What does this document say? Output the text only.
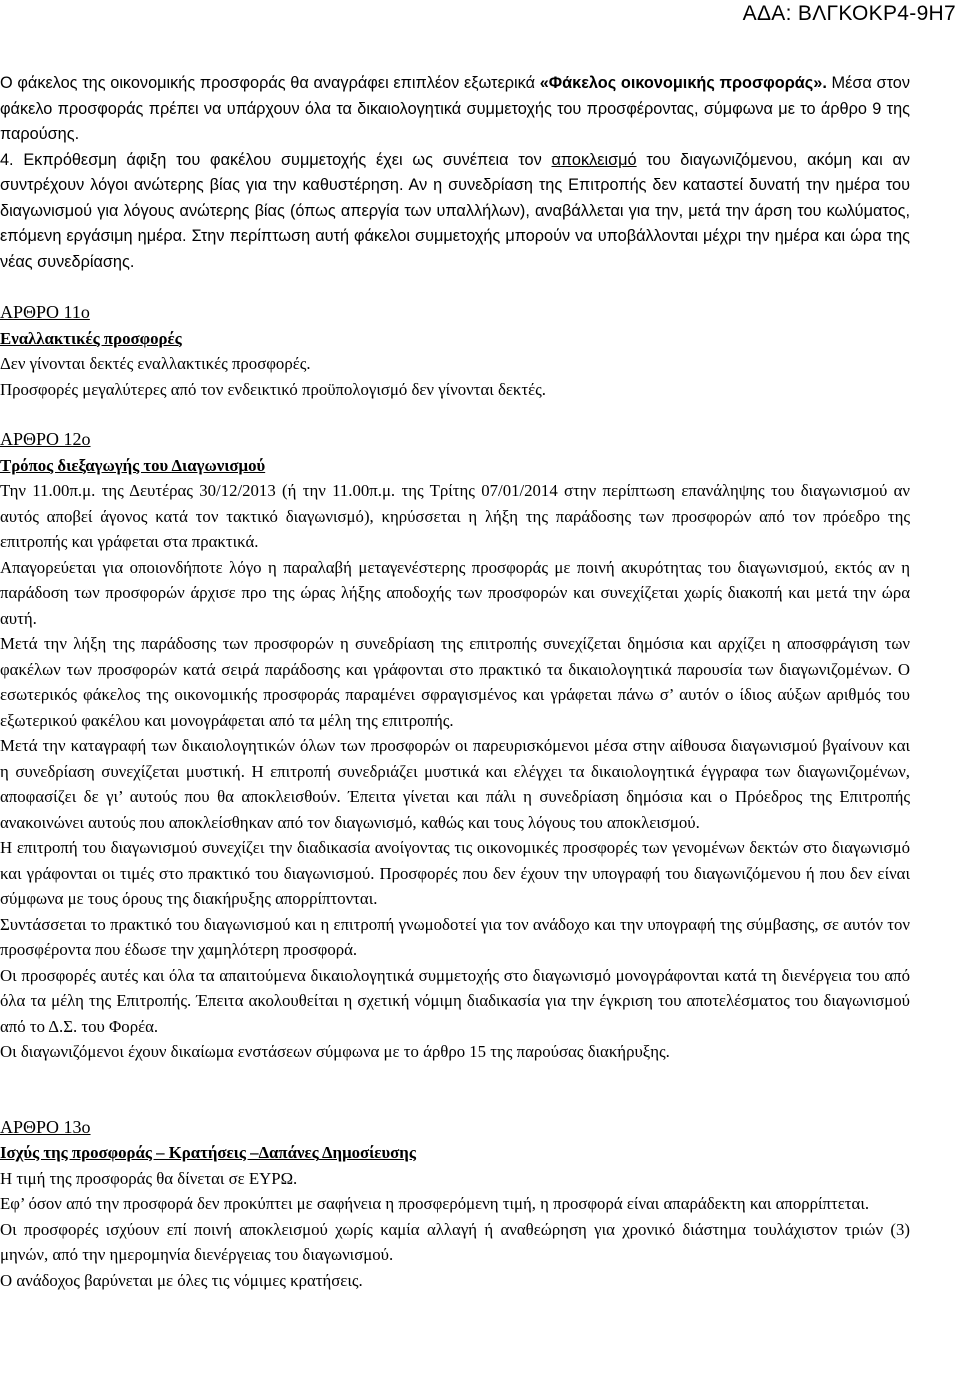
ΑΔΑ: ΒΛΓΚΟΚΡ4-9Η7

Ο φάκελος της οικονομικής προσφοράς θα αναγράφει επιπλέον εξωτερικά «Φάκελος οικονομικής προσφοράς». Μέσα στον φάκελο προσφοράς πρέπει να υπάρχουν όλα τα δικαιολογητικά συμμετοχής του προσφέροντας, σύμφωνα με το άρθρο 9 της παρούσης.

4. Εκπρόθεσμη άφιξη του φακέλου συμμετοχής έχει ως συνέπεια τον αποκλεισμό του διαγωνιζόμενου, ακόμη και αν συντρέχουν λόγοι ανώτερης βίας για την καθυστέρηση. Αν η συνεδρίαση της Επιτροπής δεν καταστεί δυνατή την ημέρα του διαγωνισμού για λόγους ανώτερης βίας (όπως απεργία των υπαλλήλων), αναβάλλεται για την, μετά την άρση του κωλύματος, επόμενη εργάσιμη ημέρα. Στην περίπτωση αυτή φάκελοι συμμετοχής μπορούν να υποβάλλονται μέχρι την ημέρα και ώρα της νέας συνεδρίασης.

ΑΡΘΡΟ 11ο

Εναλλακτικές προσφορές

Δεν γίνονται δεκτές εναλλακτικές προσφορές.

Προσφορές μεγαλύτερες από τον ενδεικτικό προϋπολογισμό δεν γίνονται δεκτές.

ΑΡΘΡΟ 12ο

Τρόπος διεξαγωγής του Διαγωνισμού

Την 11.00π.μ. της Δευτέρας 30/12/2013 (ή την 11.00π.μ. της Τρίτης 07/01/2014 στην περίπτωση επανάληψης του διαγωνισμού αν αυτός αποβεί άγονος κατά τον τακτικό διαγωνισμό), κηρύσσεται η λήξη της παράδοσης των προσφορών από τον πρόεδρο της επιτροπής και γράφεται στα πρακτικά.

Απαγορεύεται για οποιονδήποτε λόγο η παραλαβή μεταγενέστερης προσφοράς με ποινή ακυρότητας του διαγωνισμού, εκτός αν η παράδοση των προσφορών άρχισε προ της ώρας λήξης αποδοχής των προσφορών και συνεχίζεται χωρίς διακοπή και μετά την ώρα αυτή.

Μετά την λήξη της παράδοσης των προσφορών η συνεδρίαση της επιτροπής συνεχίζεται δημόσια και αρχίζει η αποσφράγιση των φακέλων των προσφορών κατά σειρά παράδοσης και γράφονται στο πρακτικό τα δικαιολογητικά παρουσία των διαγωνιζομένων. Ο εσωτερικός φάκελος της οικονομικής προσφοράς παραμένει σφραγισμένος και γράφεται πάνω σ’ αυτόν ο ίδιος αύξων αριθμός του εξωτερικού φακέλου και μονογράφεται από τα μέλη της επιτροπής.

Μετά την καταγραφή των δικαιολογητικών όλων των προσφορών οι παρευρισκόμενοι μέσα στην αίθουσα διαγωνισμού βγαίνουν και η συνεδρίαση συνεχίζεται μυστική. Η επιτροπή συνεδριάζει μυστικά και ελέγχει τα δικαιολογητικά έγγραφα των διαγωνιζομένων, αποφασίζει δε γι’ αυτούς που θα αποκλεισθούν. Έπειτα γίνεται και πάλι η συνεδρίαση δημόσια και ο Πρόεδρος της Επιτροπής ανακοινώνει αυτούς που αποκλείσθηκαν από τον διαγωνισμό, καθώς και τους λόγους του αποκλεισμού.

Η επιτροπή του διαγωνισμού συνεχίζει την διαδικασία ανοίγοντας τις οικονομικές προσφορές των γενομένων δεκτών στο διαγωνισμό και γράφονται οι τιμές στο πρακτικό του διαγωνισμού. Προσφορές που δεν έχουν την υπογραφή του διαγωνιζόμενου ή που δεν είναι σύμφωνα με τους όρους της διακήρυξης απορρίπτονται.

Συντάσσεται το πρακτικό του διαγωνισμού και η επιτροπή γνωμοδοτεί για τον ανάδοχο και την υπογραφή της σύμβασης, σε αυτόν τον προσφέροντα που έδωσε την χαμηλότερη προσφορά.

Οι προσφορές αυτές και όλα τα απαιτούμενα δικαιολογητικά συμμετοχής στο διαγωνισμό μονογράφονται κατά τη διενέργεια του από όλα τα μέλη της Επιτροπής. Έπειτα ακολουθείται η σχετική νόμιμη διαδικασία για την έγκριση του αποτελέσματος του διαγωνισμού από το Δ.Σ. του Φορέα.

Οι διαγωνιζόμενοι έχουν δικαίωμα ενστάσεων σύμφωνα με το άρθρο 15 της παρούσας διακήρυξης.

ΑΡΘΡΟ 13ο

Ισχύς της προσφοράς – Κρατήσεις –Δαπάνες Δημοσίευσης

Η τιμή της προσφοράς θα δίνεται σε ΕΥΡΩ.

Εφ’ όσον από την προσφορά δεν προκύπτει με σαφήνεια η προσφερόμενη τιμή, η προσφορά είναι απαράδεκτη και απορρίπτεται.

Οι προσφορές ισχύουν επί ποινή αποκλεισμού χωρίς καμία αλλαγή ή αναθεώρηση για χρονικό διάστημα τουλάχιστον τριών (3) μηνών, από την ημερομηνία διενέργειας του διαγωνισμού.

Ο ανάδοχος βαρύνεται με όλες τις νόμιμες κρατήσεις.
